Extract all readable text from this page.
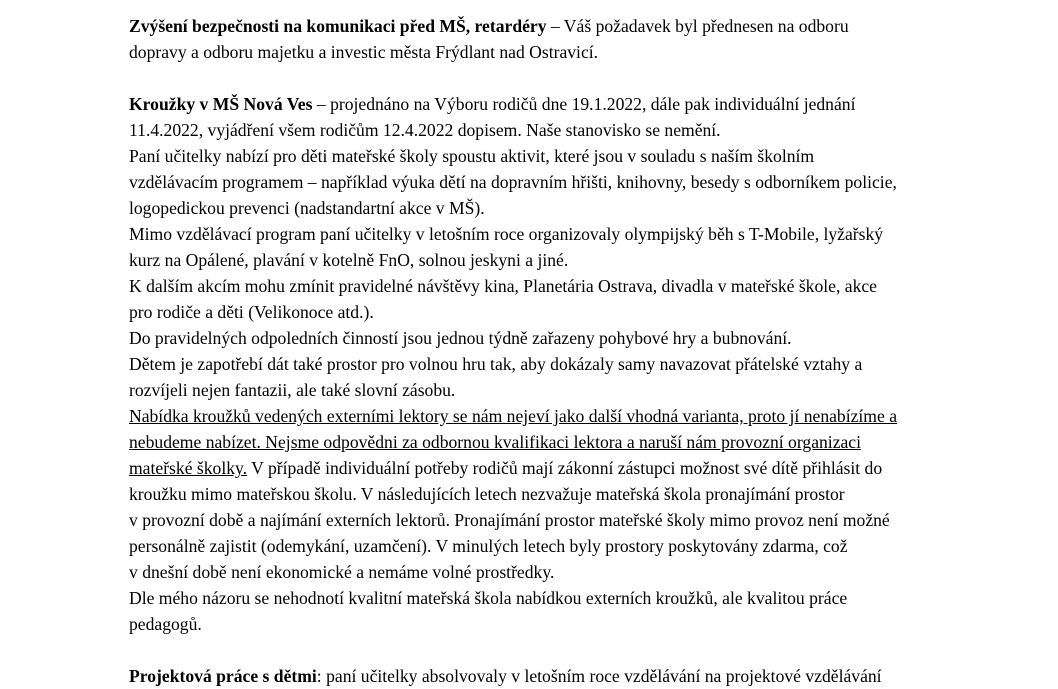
Zvýšení bezpečnosti na komunikaci před MŠ, retardéry – Váš požadavek byl přednesen na odboru
dopravy a odboru majetku a investic města Frýdlant nad Ostravicí.
Kroužky v MŠ Nová Ves – projednáno na Výboru rodičů dne 19.1.2022, dále pak individuální jednání
11.4.2022, vyjádření všem rodičům 12.4.2022 dopisem. Naše stanovisko se nemění.
Paní učitelky nabízí pro děti mateřské školy spoustu aktivit, které jsou v souladu s naším školním
vzdělávacím programem – například výuka dětí na dopravním hřišti, knihovny, besedy s odborníkem policie,
logopedickou prevenci (nadstandartní akce v MŠ).
Mimo vzdělávací program paní učitelky v letošním roce organizovaly olympijský běh s T-Mobile, lyžařský
kurz na Opálené, plavání v kotelně FnO, solnou jeskyni a jiné.
K dalším akcím mohu zmínit pravidelné návštěvy kina, Planetária Ostrava, divadla v mateřské škole, akce
pro rodiče a děti (Velikonoce atd.).
Do pravidelných odpoledních činností jsou jednou týdně zařazeny pohybové hry a bubnování.
Dětem je zapotřebí dát také prostor pro volnou hru tak, aby dokázaly samy navazovat přátelské vztahy a
rozvíjeli nejen fantazii, ale také slovní zásobu.
Nabídka kroužků vedených externími lektory se nám nejeví jako další vhodná varianta, proto jí nenabízíme a
nebudeme nabízet. Nejsme odpovědni za odbornou kvalifikaci lektora a naruší nám provozní organizaci
mateřské školky. V případě individuální potřeby rodičů mají zákonní zástupci možnost své dítě přihlásit do
kroužku mimo mateřskou školu. V následujících letech nezvažuje mateřská škola pronajímání prostor
v provozní době a najímání externích lektorů. Pronajímání prostor mateřské školy mimo provoz není možné
personálně zajistit (odemykání, uzamčení). V minulých letech byly prostory poskytovány zdarma, což
v dnešní době není ekonomické a nemáme volné prostředky.
Dle mého názoru se nehodnotí kvalitní mateřská škola nabídkou externích kroužků, ale kvalitou práce
pedagogů.
Projektová práce s dětmi: paní učitelky absolvovaly v letošním roce vzdělávání na projektové vzdělávání
